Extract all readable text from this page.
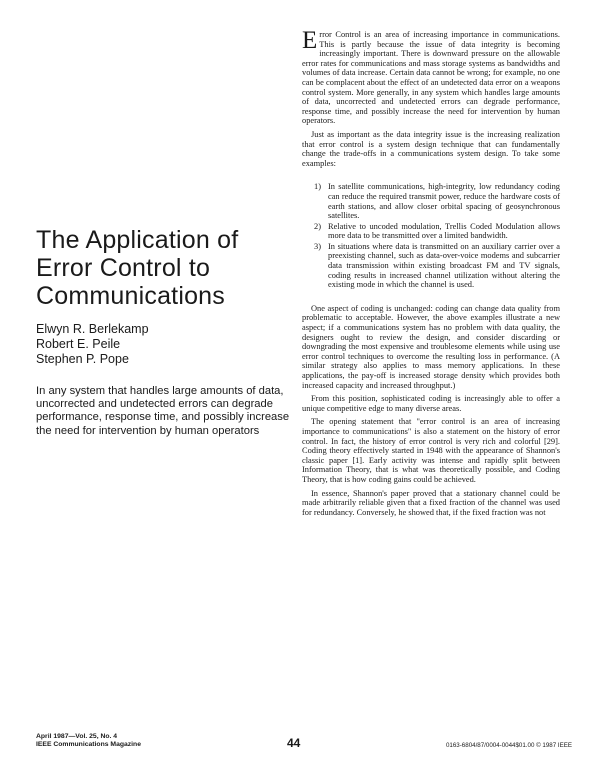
The Application of
Error Control to
Communications
Elwyn R. Berlekamp
Robert E. Peile
Stephen P. Pope
In any system that handles large amounts of data, uncorrected and undetected errors can degrade performance, response time, and possibly increase the need for intervention by human operators

Error Control is an area of increasing importance in communications. This is partly because the issue of data integrity is becoming increasingly important. There is downward pressure on the allowable error rates for communications and mass storage systems as bandwidths and volumes of data increase. Certain data cannot be wrong; for example, no one can be complacent about the effect of an undetected data error on a weapons control system. More generally, in any system which handles large amounts of data, uncorrected and undetected errors can degrade performance, response time, and possibly increase the need for intervention by human operators.

Just as important as the data integrity issue is the increasing realization that error control is a system design technique that can fundamentally change the trade-offs in a communications system design. To take some examples:

1) In satellite communications, high-integrity, low redundancy coding can reduce the required transmit power, reduce the hardware costs of earth stations, and allow closer orbital spacing of geosynchronous satellites.
2) Relative to uncoded modulation, Trellis Coded Modulation allows more data to be transmitted over a limited bandwidth.
3) In situations where data is transmitted on an auxiliary carrier over a preexisting channel, such as data-over-voice modems and subcarrier data transmission within existing broadcast FM and TV signals, coding results in increased channel utilization without altering the existing mode in which the channel is used.

One aspect of coding is unchanged: coding can change data quality from problematic to acceptable. However, the above examples illustrate a new aspect; if a communications system has no problem with data quality, the designers ought to review the design, and consider discarding or downgrading the most expensive and troublesome elements while using use error control techniques to overcome the resulting loss in performance. (A similar strategy also applies to mass memory applications. In these applications, the pay-off is increased storage density which provides both increased capacity and increased throughput.)

From this position, sophisticated coding is increasingly able to offer a unique competitive edge to many diverse areas.

The opening statement that "error control is an area of increasing importance to communications" is also a statement on the history of error control. In fact, the history of error control is very rich and colorful [29]. Coding theory effectively started in 1948 with the appearance of Shannon's classic paper [1]. Early activity was intense and rapidly split between Information Theory, that is what was theoretically possible, and Coding Theory, that is how coding gains could be achieved.

In essence, Shannon's paper proved that a stationary channel could be made arbitrarily reliable given that a fixed fraction of the channel was used for redundancy. Conversely, he showed that, if the fixed fraction was not

April 1987—Vol. 25, No. 4
IEEE Communications Magazine	44	0163-6804/87/0004-0044$01.00 © 1987 IEEE
